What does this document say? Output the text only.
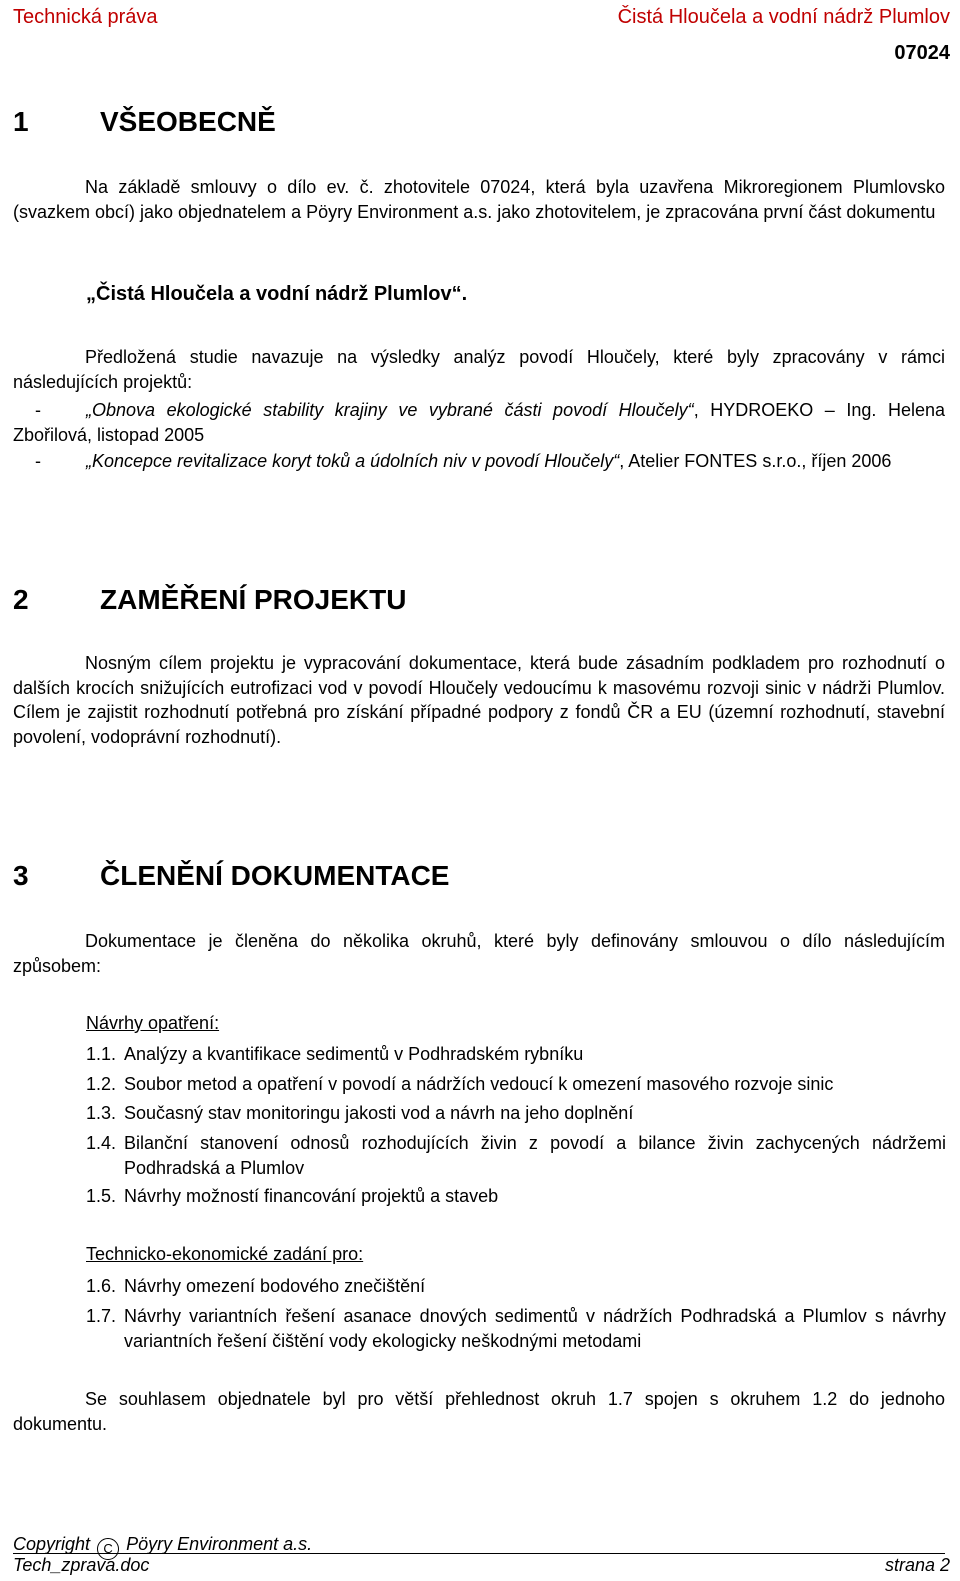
Technická práva	Čistá Hloučela a vodní nádrž Plumlov
07024
1	VŠEOBECNĚ
Na základě smlouvy o dílo ev. č. zhotovitele 07024, která byla uzavřena Mikroregionem Plumlovsko (svazkem obcí) jako objednatelem a Pöyry Environment a.s. jako zhotovitelem, je zpracována první část dokumentu
„Čistá Hloučela a vodní nádrž Plumlov“.
Předložená studie navazuje na výsledky analýz povodí Hloučely, které byly zpracovány v rámci následujících projektů:
-	„Obnova ekologické stability krajiny ve vybrané části povodí Hloučely“, HYDROEKO – Ing. Helena Zbořilová, listopad 2005
-	„Koncepce revitalizace koryt toků a údolních niv v povodí Hloučely“, Atelier FONTES s.r.o., říjen 2006
2	ZAMĚŘENÍ PROJEKTU
Nosným cílem projektu je vypracování dokumentace, která bude zásadním podkladem pro rozhodnutí o dalších krocích snižujících eutrofizaci vod v povodí Hloučely vedoucímu k masovému rozvoji sinic v nádrži Plumlov. Cílem je zajistit rozhodnutí potřebná pro získání případné podpory z fondů ČR a EU (územní rozhodnutí, stavební povolení, vodoprávní rozhodnutí).
3	ČLENĚNÍ DOKUMENTACE
Dokumentace je členěna do několika okruhů, které byly definovány smlouvou o dílo následujícím způsobem:
Návrhy opatření:
1.1. Analýzy a kvantifikace sedimentů v Podhradském rybníku
1.2. Soubor metod a opatření v povodí a nádržích vedoucí k omezení masového rozvoje sinic
1.3. Současný stav monitoringu jakosti vod a návrh na jeho doplnění
1.4. Bilanční stanovení odnosů rozhodujících živin z povodí a bilance živin zachycených nádržemi Podhradská a Plumlov
1.5. Návrhy možností financování projektů a staveb
Technicko-ekonomické zadání pro:
1.6. Návrhy omezení bodového znečištění
1.7. Návrhy variantních řešení asanace dnových sedimentů v nádržích Podhradská a Plumlov s návrhy variantních řešení čištění vody ekologicky neškodnými metodami
Se souhlasem objednatele byl pro větší přehlednost okruh 1.7 spojen s okruhem 1.2 do jednoho dokumentu.
Copyright C Pöyry Environment a.s.
Tech_zprava.doc	strana 2
